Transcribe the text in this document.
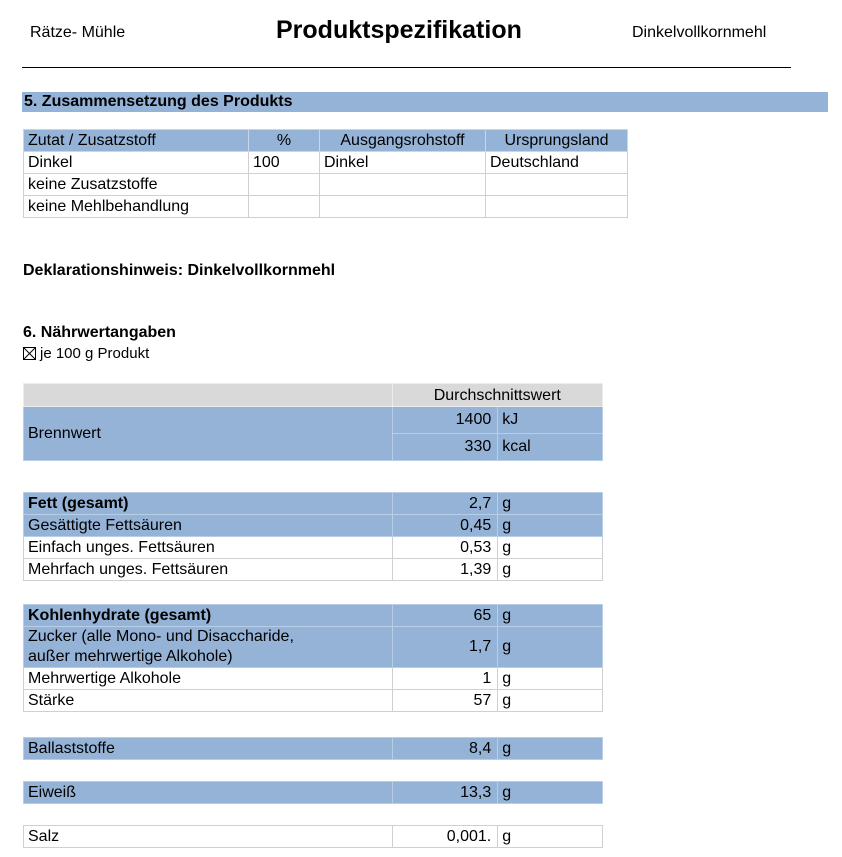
Rätze- Mühle	Produktspezifikation	Dinkelvollkornmehl
5. Zusammensetzung des Produkts
Zutat / Zusatzstoff	%	Ausgangsrohstoff	Ursprungsland
Dinkel	100	Dinkel	Deutschland
keine Zusatzstoffe			
keine Mehlbehandlung			
Deklarationshinweis: Dinkelvollkornmehl
6. Nährwertangaben
je 100 g Produkt
	Durchschnittswert	
Brennwert	1400	kJ
	330	kcal
Fett (gesamt)	2,7	g
Gesättigte Fettsäuren	0,45	g
Einfach unges. Fettsäuren	0,53	g
Mehrfach unges. Fettsäuren	1,39	g
Kohlenhydrate (gesamt)	65	g

Zucker (alle Mono- und Disaccharide,
außer mehrwertige Alkohole)	1,7	g
Mehrwertige Alkohole	1	g
Stärke	57	g
Ballaststoffe	8,4	g
Eiweiß	13,3	g
Salz	0,001.	g
